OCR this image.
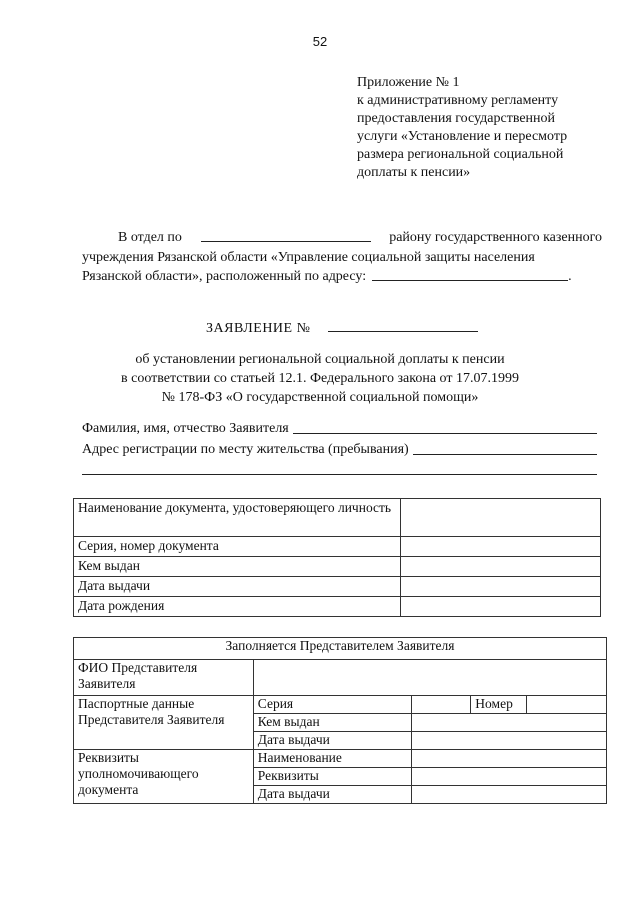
52
Приложение № 1
к административному регламенту
предоставления государственной
услуги «Установление и пересмотр
размера региональной социальной
доплаты к пенсии»
В отдел по	району государственного казенного
учреждения Рязанской области «Управление социальной защиты населения
Рязанской области», расположенный по адресу:	.
ЗАЯВЛЕНИЕ №
об установлении региональной социальной доплаты к пенсии
в соответствии со статьей 12.1. Федерального закона от 17.07.1999
№ 178-ФЗ «О государственной социальной помощи»
Фамилия, имя, отчество Заявителя
Адрес регистрации по месту жительства (пребывания)
Наименование документа, удостоверяющего личность	
Серия, номер документа	
Кем выдан	
Дата выдачи	
Дата рождения	
Заполняется Представителем Заявителя				
ФИО Представителя Заявителя				
Паспортные данные Представителя Заявителя	Серия		Номер	
	Кем выдан			
	Дата выдачи			
Реквизиты уполномочивающего документа	Наименование			
	Реквизиты			
	Дата выдачи			
